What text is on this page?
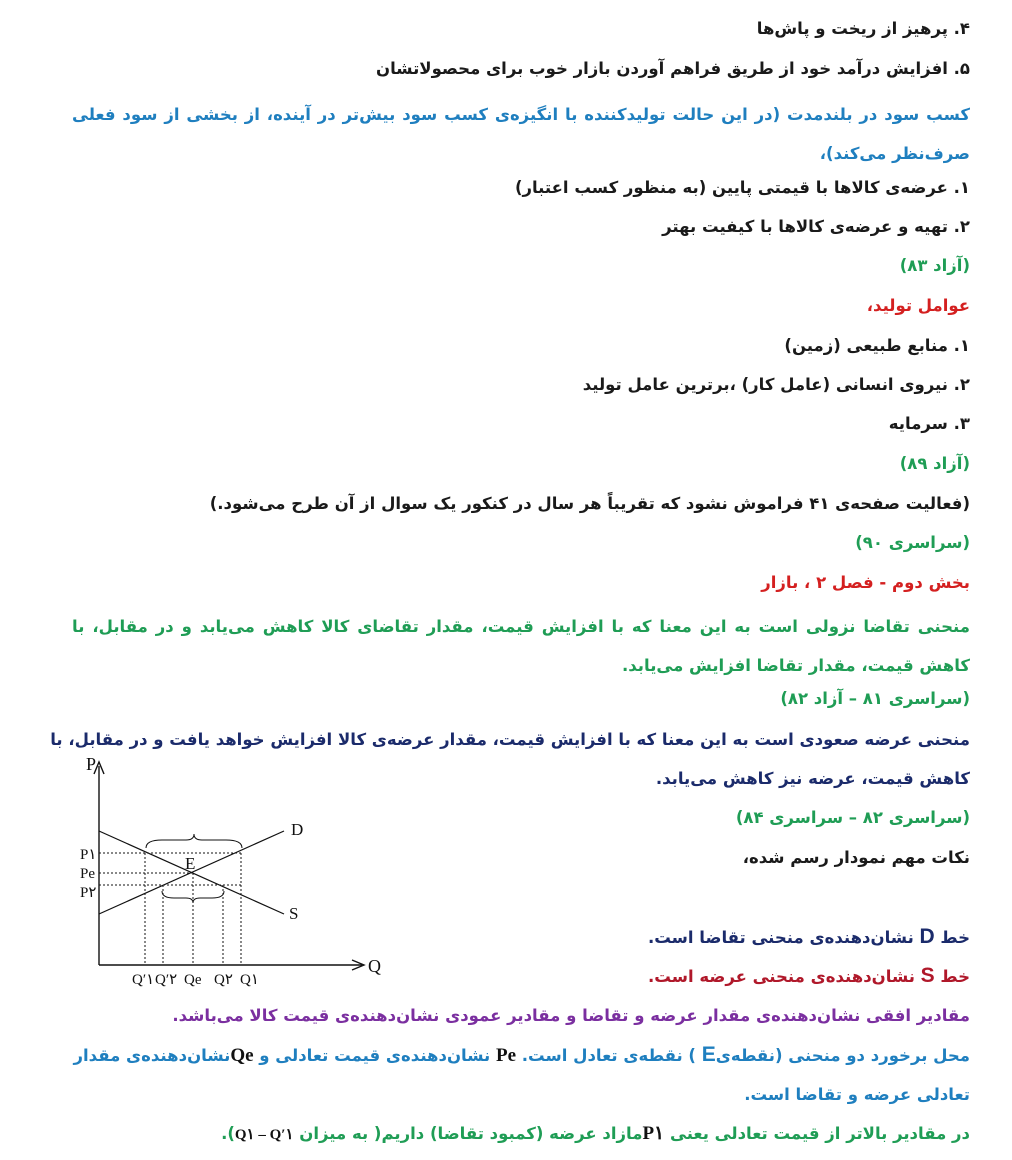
۴. پرهیز از ریخت و پاش‌ها
۵. افزایش درآمد خود از طریق فراهم آوردن بازار خوب برای محصولاتشان
کسب سود در بلندمدت (در این حالت تولیدکننده با انگیزه‌ی کسب سود بیش‌تر در آینده، از بخشی از سود فعلی صرف‌نظر می‌کند)،
۱. عرضه‌ی کالاها با قیمتی پایین (به منظور کسب اعتبار)
۲. تهیه و عرضه‌ی کالاها با کیفیت بهتر
(آزاد ۸۳)
عوامل تولید،
۱. منابع طبیعی (زمین)
۲. نیروی انسانی (عامل کار) ،برترین عامل تولید
۳. سرمایه
(آزاد ۸۹)
(فعالیت صفحه‌ی ۴۱ فراموش نشود که تقریباً هر سال در کنکور یک سوال از آن طرح می‌شود.)
(سراسری ۹۰)
بخش دوم - فصل ۲ ، بازار
منحنی تقاضا نزولی است به این معنا که با افزایش قیمت، مقدار تقاضای کالا کاهش می‌یابد و در مقابل، با کاهش قیمت، مقدار تقاضا افزایش می‌یابد.
(سراسری ۸۱ – آزاد ۸۲)
منحنی عرضه صعودی است به این معنا که با افزایش قیمت، مقدار عرضه‌ی کالا افزایش خواهد یافت و در مقابل، با
کاهش قیمت، عرضه نیز کاهش می‌یابد.
(سراسری ۸۲ – سراسری ۸۴)
نکات مهم نمودار رسم شده،
خط D نشان‌دهنده‌ی منحنی تقاضا است.
خط S نشان‌دهنده‌ی منحنی عرضه است.
مقادیر افقی نشان‌دهنده‌ی مقدار عرضه و تقاضا و مقادیر عمودی نشان‌دهنده‌ی قیمت کالا می‌باشد.
محل برخورد دو منحنی (نقطه‌یE ) نقطه‌ی تعادل است. Pe نشان‌دهنده‌ی قیمت تعادلی و Qeنشان‌دهنده‌ی مقدار
تعادلی عرضه و تقاضا است.
در مقادیر بالاتر از قیمت تعادلی یعنی P۱مازاد عرضه (کمبود تقاضا) داریم( به میزان Q۱ – Q′۱).
P
Q
D
S
E
P۱
Pe
P۲
Q′۱ Q′۲ Qe Q۲ Q۱
